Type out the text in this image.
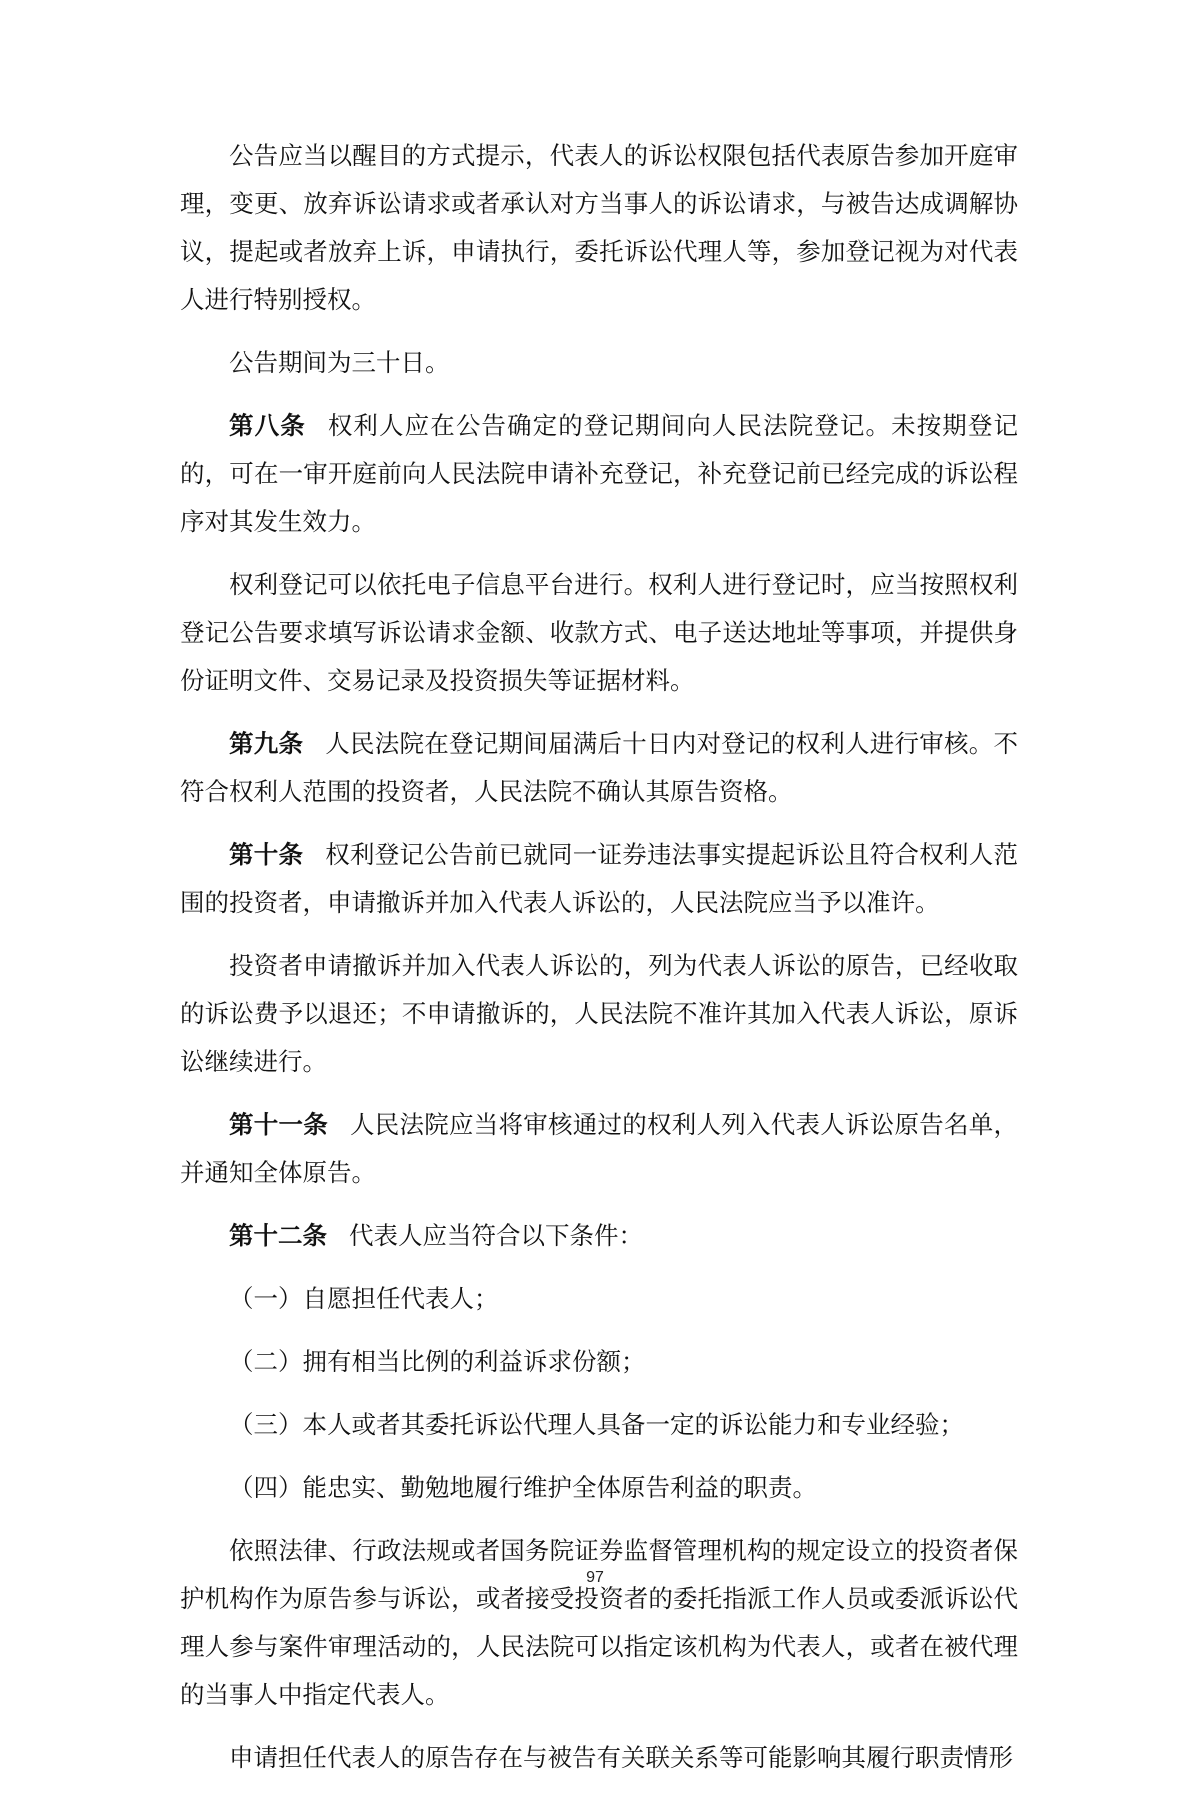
公告应当以醒目的方式提示，代表人的诉讼权限包括代表原告参加开庭审理，变更、放弃诉讼请求或者承认对方当事人的诉讼请求，与被告达成调解协议，提起或者放弃上诉，申请执行，委托诉讼代理人等，参加登记视为对代表人进行特别授权。

公告期间为三十日。

第八条 权利人应在公告确定的登记期间向人民法院登记。未按期登记的，可在一审开庭前向人民法院申请补充登记，补充登记前已经完成的诉讼程序对其发生效力。

权利登记可以依托电子信息平台进行。权利人进行登记时，应当按照权利登记公告要求填写诉讼请求金额、收款方式、电子送达地址等事项，并提供身份证明文件、交易记录及投资损失等证据材料。

第九条 人民法院在登记期间届满后十日内对登记的权利人进行审核。不符合权利人范围的投资者，人民法院不确认其原告资格。

第十条 权利登记公告前已就同一证券违法事实提起诉讼且符合权利人范围的投资者，申请撤诉并加入代表人诉讼的，人民法院应当予以准许。

投资者申请撤诉并加入代表人诉讼的，列为代表人诉讼的原告，已经收取的诉讼费予以退还；不申请撤诉的，人民法院不准许其加入代表人诉讼，原诉讼继续进行。

第十一条 人民法院应当将审核通过的权利人列入代表人诉讼原告名单，并通知全体原告。

第十二条 代表人应当符合以下条件：

（一）自愿担任代表人；

（二）拥有相当比例的利益诉求份额；

（三）本人或者其委托诉讼代理人具备一定的诉讼能力和专业经验；

（四）能忠实、勤勉地履行维护全体原告利益的职责。

依照法律、行政法规或者国务院证券监督管理机构的规定设立的投资者保护机构作为原告参与诉讼，或者接受投资者的委托指派工作人员或委派诉讼代理人参与案件审理活动的，人民法院可以指定该机构为代表人，或者在被代理的当事人中指定代表人。

申请担任代表人的原告存在与被告有关联关系等可能影响其履行职责情形

97
